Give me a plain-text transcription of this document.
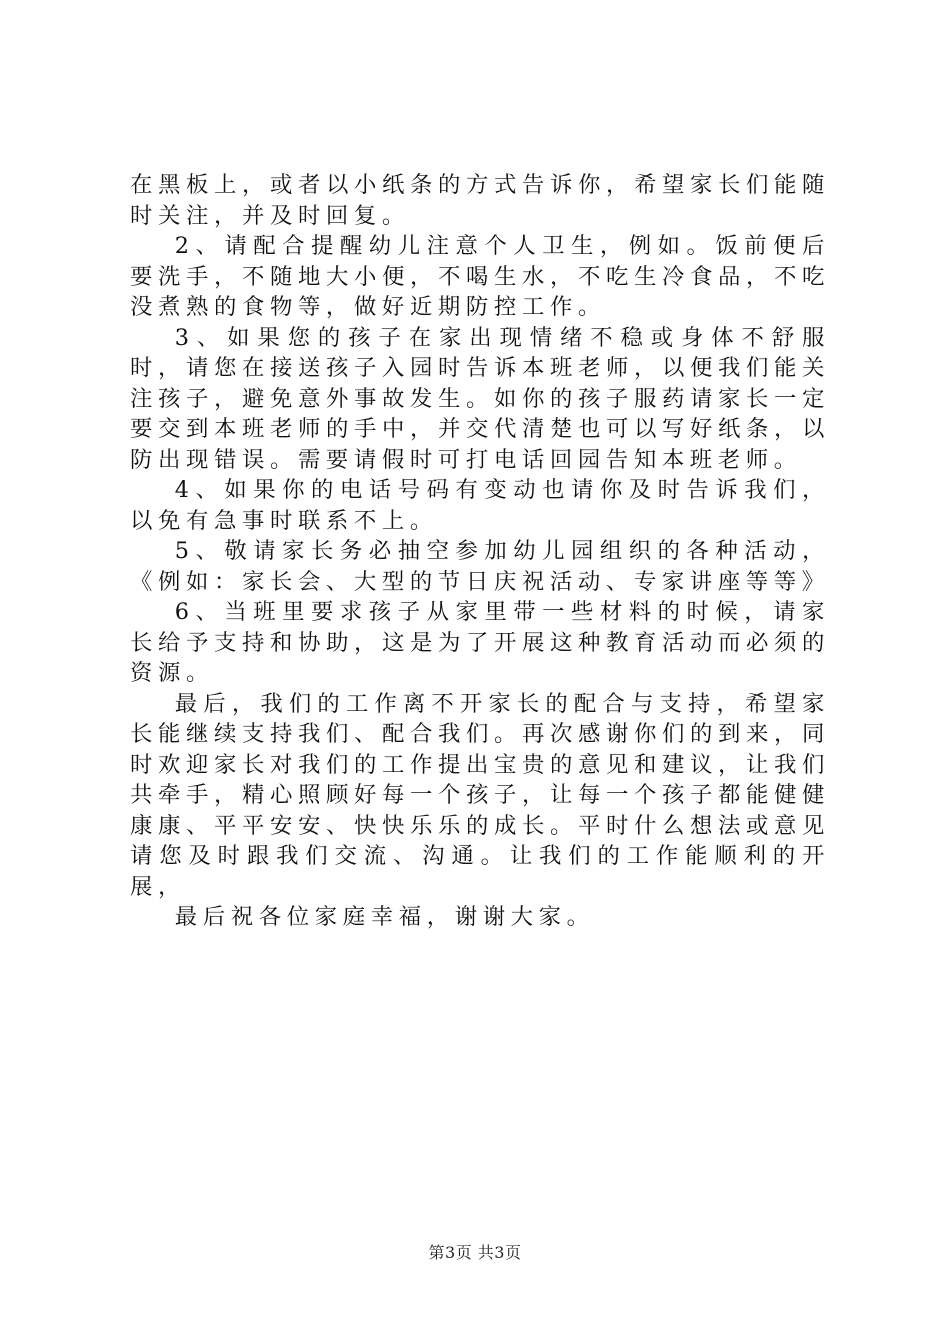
在黑板上，或者以小纸条的方式告诉你，希望家长们能随时关注，并及时回复。

2、请配合提醒幼儿注意个人卫生，例如。饭前便后要洗手，不随地大小便，不喝生水，不吃生冷食品，不吃没煮熟的食物等，做好近期防控工作。

3、如果您的孩子在家出现情绪不稳或身体不舒服时，请您在接送孩子入园时告诉本班老师，以便我们能关注孩子，避免意外事故发生。如你的孩子服药请家长一定要交到本班老师的手中，并交代清楚也可以写好纸条，以防出现错误。需要请假时可打电话回园告知本班老师。

4、如果你的电话号码有变动也请你及时告诉我们，以免有急事时联系不上。

5、敬请家长务必抽空参加幼儿园组织的各种活动，《例如：家长会、大型的节日庆祝活动、专家讲座等等》

6、当班里要求孩子从家里带一些材料的时候，请家长给予支持和协助，这是为了开展这种教育活动而必须的资源。

最后，我们的工作离不开家长的配合与支持，希望家长能继续支持我们、配合我们。再次感谢你们的到来，同时欢迎家长对我们的工作提出宝贵的意见和建议，让我们共牵手，精心照顾好每一个孩子，让每一个孩子都能健健康康、平平安安、快快乐乐的成长。平时什么想法或意见请您及时跟我们交流、沟通。让我们的工作能顺利的开展，

最后祝各位家庭幸福，谢谢大家。

第3页 共3页
